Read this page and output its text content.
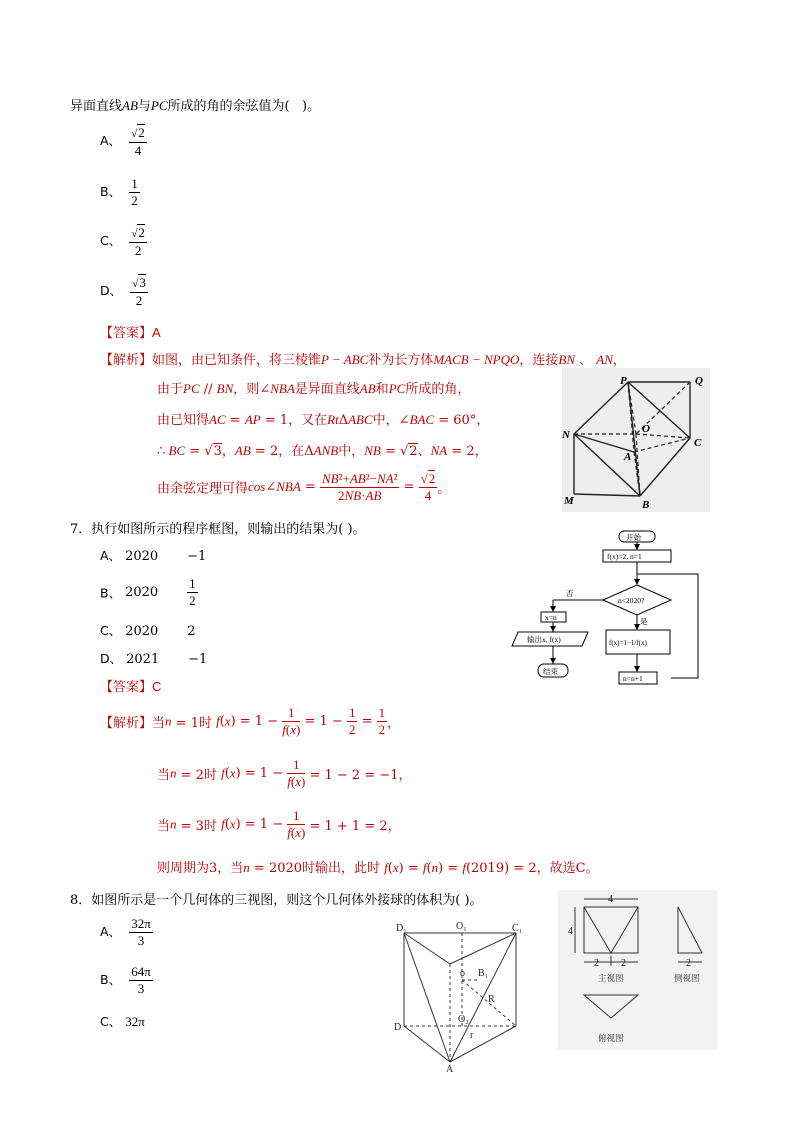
异面直线AB与PC所成的角的余弦值为(   )。
A、 $\frac{√2}{4}$
B、 $\frac{1}{2}$
C、 $\frac{√2}{2}$
D、 $\frac{√3}{2}$
【答案】A
【解析】如图，由已知条件，将三棱锥P − ABC补为长方体MACB − NPQO，连接BN 、 AN，
由于PC // BN，则∠NBA是异面直线AB和PC所成的角，
由已知得AC = AP = 1，又在RtΔABC中，∠BAC = 60°，
∴ BC = √3，AB = 2，在ΔANB中，NB = √2、NA = 2，
由余弦定理可得cos∠NBA = $\frac{\text{NB²+AB²−NA²}}{2NB\cdot AB} = \frac{√2}{4}$ 。
P	Q
N	O
A
C
M	B
7．执行如图所示的程序框图，则输出的结果为( )。
A、 2020 −1
B、 $2020 \frac{1}{2}$
C、 2020 2
D、 2021 −1
【答案】C
【解析】当n = 1时 $f(x) = 1 - \frac{1}{f(x)} = 1 - \frac{1}{2} = \frac{1}{2}$ ，
当n = 2时 $f(x) = 1 - \frac{1}{f(x)} = 1 - 2 = -1$，
当n = 3时 $f(x) = 1 - \frac{1}{f(x)} = 1 + 1 = 2$，
则周期为3，当n = 2020时输出，此时 f(x) = f(n) = f(2019) = 2，故选C。
开始
f(x)=2, n=1
n<2020?
否
是
x=n
输出x, f(x)
结束
f(x)=1−1/f(x)
n=n+1
8．如图所示是一个几何体的三视图，则这个几何体外接球的体积为( )。
A、 $\frac{32\pi}{3}$
B、 $\frac{64\pi}{3}$
C、 32π
D₁	O₁	C₁
o B₁
R
O₂
D
r
A
4
4
2 2	2
主视图	侧视图
俯视图
